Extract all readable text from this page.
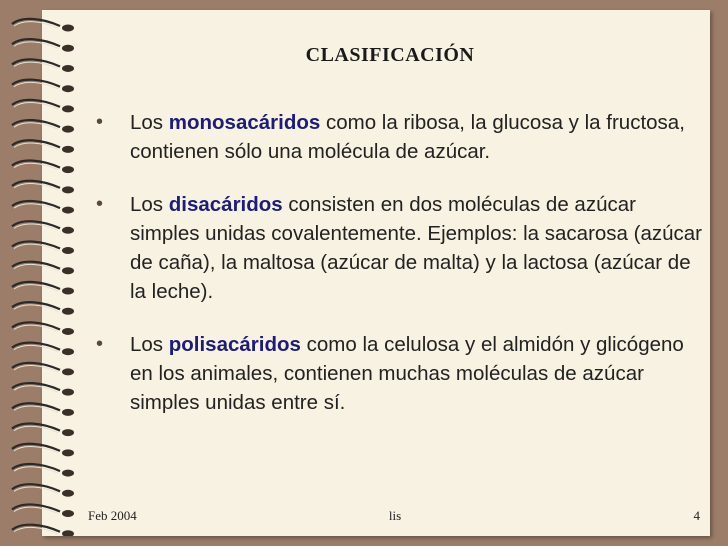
CLASIFICACIÓN
• Los monosacáridos como la ribosa, la glucosa y la fructosa, contienen sólo una molécula de azúcar.
• Los disacáridos consisten en dos moléculas de azúcar simples unidas covalentemente. Ejemplos: la sacarosa (azúcar de caña), la maltosa (azúcar de malta) y la lactosa (azúcar de la leche).
• Los polisacáridos como la celulosa y el almidón y glicógeno en los animales, contienen muchas moléculas de azúcar simples unidas entre sí.
Feb 2004	lis	4
